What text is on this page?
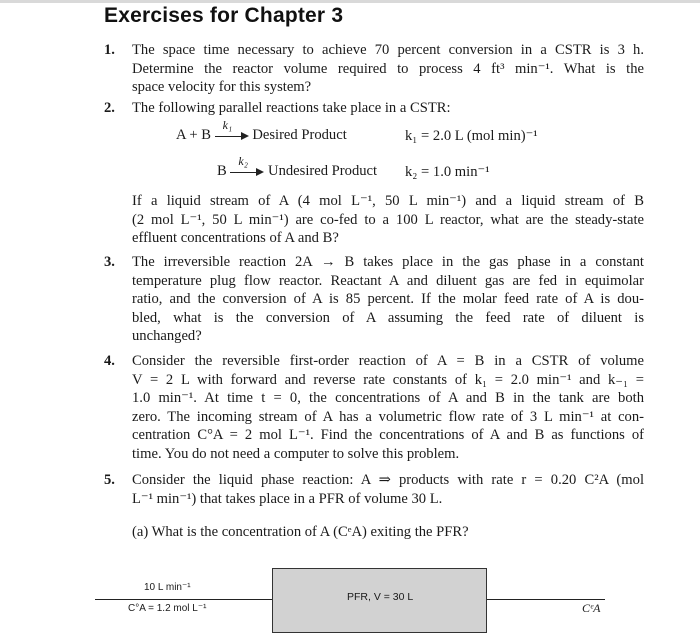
Exercises for Chapter 3
1. The space time necessary to achieve 70 percent conversion in a CSTR is 3 h.
Determine the reactor volume required to process 4 ft³ min⁻¹. What is the
space velocity for this system?
2. The following parallel reactions take place in a CSTR:
A + B
k₁
Desired Product	k₁ = 2.0 L (mol min)⁻¹
B
k₂
Undesired Product k₂ = 1.0 min⁻¹
If a liquid stream of A (4 mol L⁻¹, 50 L min⁻¹) and a liquid stream of B
(2 mol L⁻¹, 50 L min⁻¹) are co-fed to a 100 L reactor, what are the steady-state
effluent concentrations of A and B?
3. The irreversible reaction 2A → B takes place in the gas phase in a constant
temperature plug flow reactor. Reactant A and diluent gas are fed in equimolar
ratio, and the conversion of A is 85 percent. If the molar feed rate of A is dou-
bled, what is the conversion of A assuming the feed rate of diluent is
unchanged?
4. Consider the reversible first-order reaction of A = B in a CSTR of volume
V = 2 L with forward and reverse rate constants of k₁ = 2.0 min⁻¹ and k₋₁ =
1.0 min⁻¹. At time t = 0, the concentrations of A and B in the tank are both
zero. The incoming stream of A has a volumetric flow rate of 3 L min⁻¹ at con-
centration C°A = 2 mol L⁻¹. Find the concentrations of A and B as functions of
time. You do not need a computer to solve this problem.
5. Consider the liquid phase reaction: A ⇒ products with rate r = 0.20 C²A (mol
L⁻¹ min⁻¹) that takes place in a PFR of volume 30 L.
(a) What is the concentration of A (CᵉA) exiting the PFR?
PFR, V = 30 L
10 L min⁻¹
C°A = 1.2 mol L⁻¹	CᵉA
